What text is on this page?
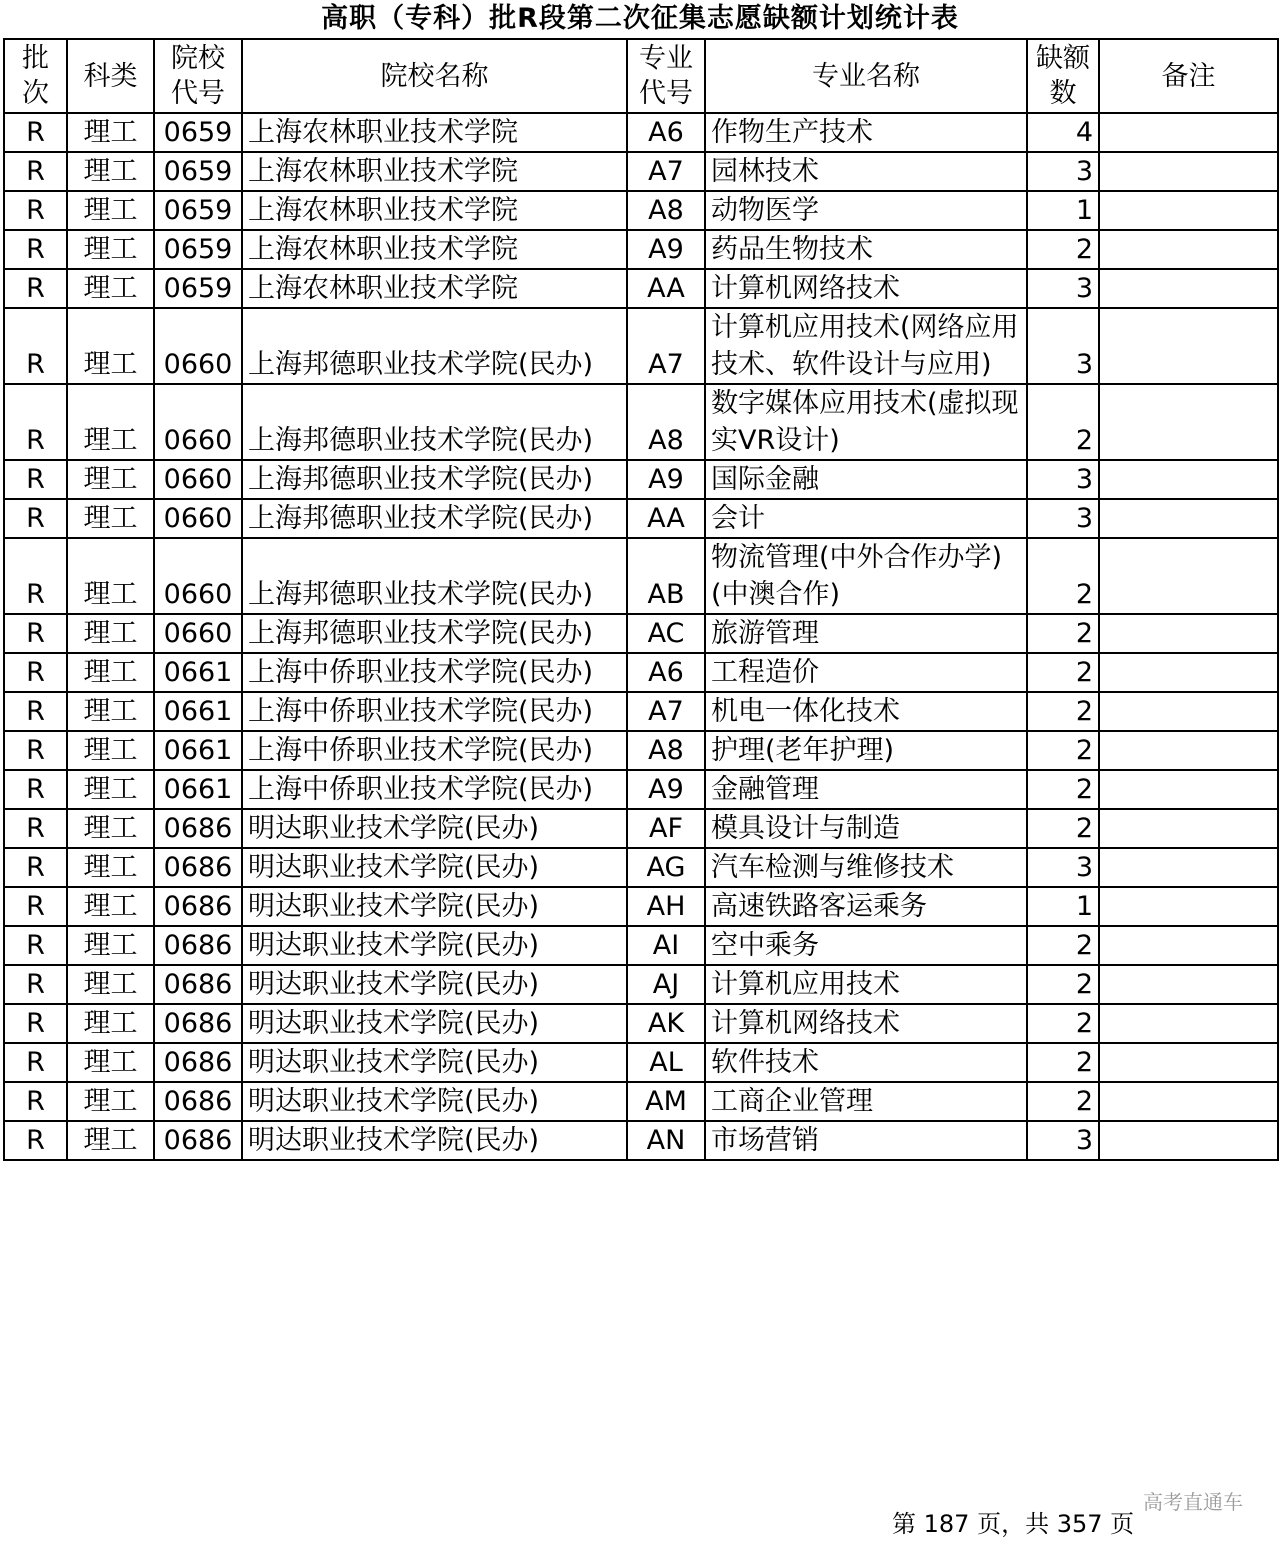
高职（专科）批R段第二次征集志愿缺额计划统计表
批次	科类	院校代号	院校名称	专业代号	专业名称	缺额数	备注
R	理工	0659	上海农林职业技术学院	A6	作物生产技术	4	
R	理工	0659	上海农林职业技术学院	A7	园林技术	3	
R	理工	0659	上海农林职业技术学院	A8	动物医学	1	
R	理工	0659	上海农林职业技术学院	A9	药品生物技术	2	
R	理工	0659	上海农林职业技术学院	AA	计算机网络技术	3	
R	理工	0660	上海邦德职业技术学院(民办)	A7	计算机应用技术(网络应用技术、软件设计与应用)	3	
R	理工	0660	上海邦德职业技术学院(民办)	A8	数字媒体应用技术(虚拟现实VR设计)	2	
R	理工	0660	上海邦德职业技术学院(民办)	A9	国际金融	3	
R	理工	0660	上海邦德职业技术学院(民办)	AA	会计	3	
R	理工	0660	上海邦德职业技术学院(民办)	AB	物流管理(中外合作办学)(中澳合作)	2	
R	理工	0660	上海邦德职业技术学院(民办)	AC	旅游管理	2	
R	理工	0661	上海中侨职业技术学院(民办)	A6	工程造价	2	
R	理工	0661	上海中侨职业技术学院(民办)	A7	机电一体化技术	2	
R	理工	0661	上海中侨职业技术学院(民办)	A8	护理(老年护理)	2	
R	理工	0661	上海中侨职业技术学院(民办)	A9	金融管理	2	
R	理工	0686	明达职业技术学院(民办)	AF	模具设计与制造	2	
R	理工	0686	明达职业技术学院(民办)	AG	汽车检测与维修技术	3	
R	理工	0686	明达职业技术学院(民办)	AH	高速铁路客运乘务	1	
R	理工	0686	明达职业技术学院(民办)	AI	空中乘务	2	
R	理工	0686	明达职业技术学院(民办)	AJ	计算机应用技术	2	
R	理工	0686	明达职业技术学院(民办)	AK	计算机网络技术	2	
R	理工	0686	明达职业技术学院(民办)	AL	软件技术	2	
R	理工	0686	明达职业技术学院(民办)	AM	工商企业管理	2	
R	理工	0686	明达职业技术学院(民办)	AN	市场营销	3	
高考直通车
第 187 页，共 357 页
